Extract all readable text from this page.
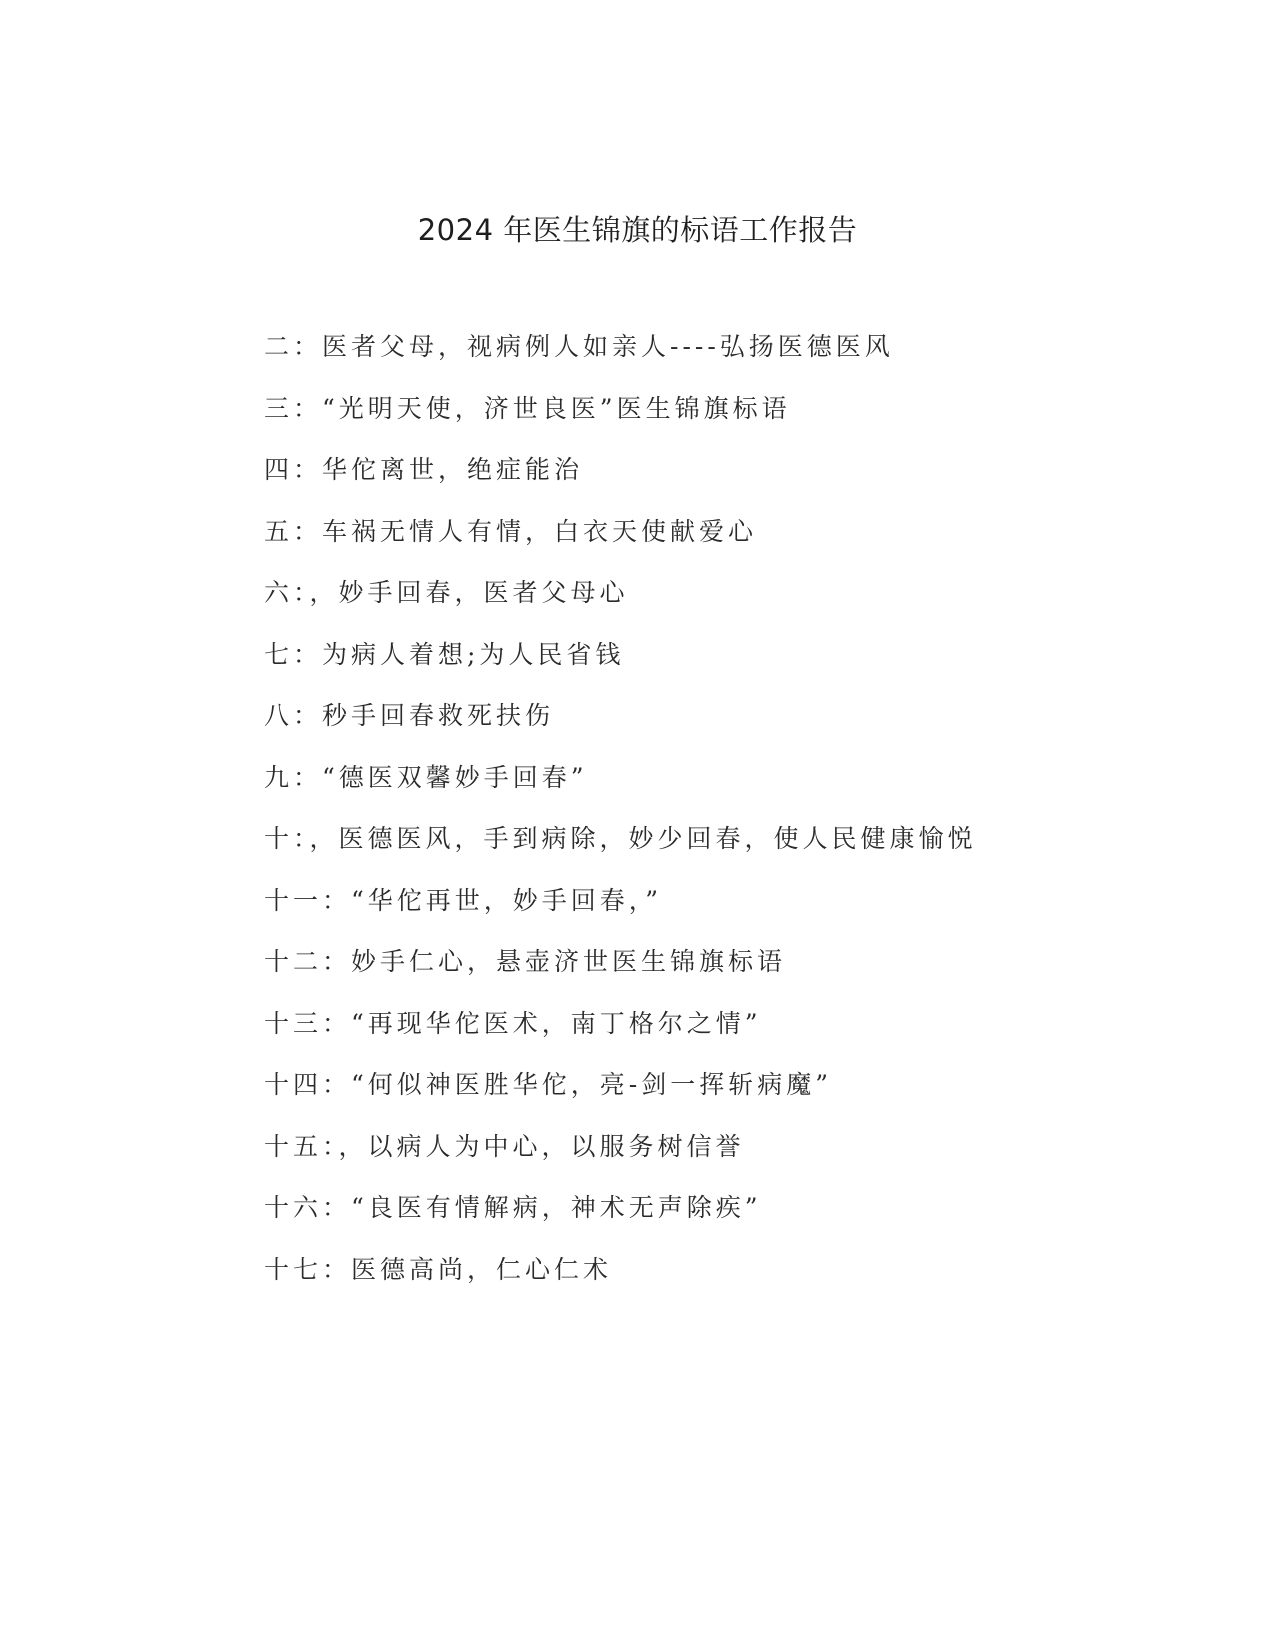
2024 年医生锦旗的标语工作报告
二：医者父母，视病例人如亲人----弘扬医德医风
三：“光明天使，济世良医”医生锦旗标语
四：华佗离世，绝症能治
五：车祸无情人有情，白衣天使献爱心
六：，妙手回春，医者父母心
七：为病人着想;为人民省钱
八：秒手回春救死扶伤
九：“德医双馨妙手回春”
十：，医德医风，手到病除，妙少回春，使人民健康愉悦
十一：“华佗再世，妙手回春，”
十二：妙手仁心，悬壶济世医生锦旗标语
十三：“再现华佗医术，南丁格尔之情”
十四：“何似神医胜华佗，亮-剑一挥斩病魔”
十五：，以病人为中心，以服务树信誉
十六：“良医有情解病，神术无声除疾”
十七：医德高尚，仁心仁术
